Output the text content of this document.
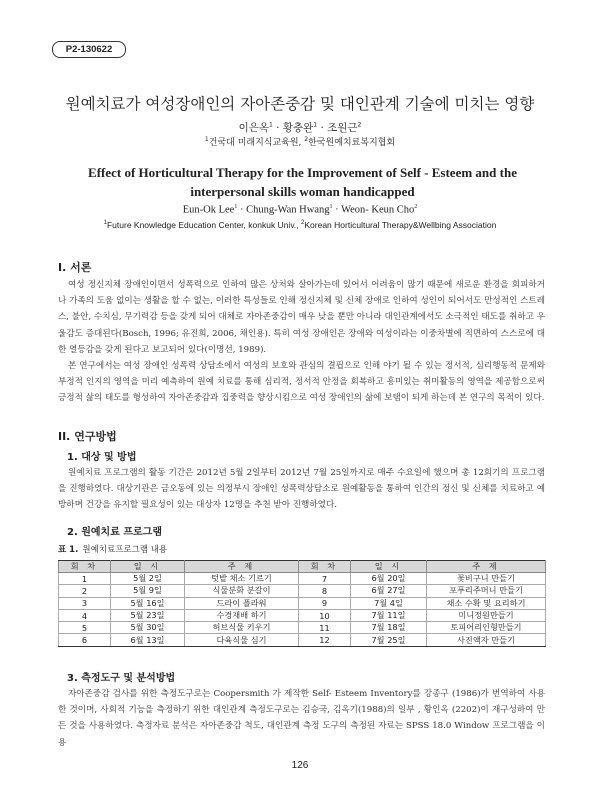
P2-130622
원예치료가 여성장애인의 자아존중감 및 대인관계 기술에 미치는 영향
이은옥$^1$ · 황충완$^1$ · 조원근$^2$
$^1$건국대 미래지식교육원, $^2$한국원예치료복지협회
Effect of Horticultural Therapy for the Improvement of Self - Esteem and the interpersonal skills woman handicapped
Eun-Ok Lee$^1$ · Chung-Wan Hwang$^1$ · Weon- Keun Cho$^2$
$^1$Future Knowledge Education Center, konkuk Univ., $^2$Korean Horticultural Therapy&Wellbing Association
I. 서론

여성 정신지체 장애인이면서 성폭력으로 인하여 많은 상처와 살아가는데 있어서 어려움이 많기 때문에 새로운 환경을 회피하거나 가족의 도움 없이는 생활을 할 수 없는, 이러한 특성들로 인해 정신지체 및 신체 장애로 인하여 성인이 되어서도 만성적인 스트레스, 불안, 수치심, 무기력감 등을 갖게 되어 대체로 자아존중감이 매우 낮을 뿐만 아니라 대인관계에서도 소극적인 태도를 취하고 우울감도 증대된다(Bosch, 1996; 유진희, 2006, 채인용). 특히 여성 장애인은 장애와 여성이라는 이중차별에 직면하여 스스로에 대한 열등감을 갖게 된다고 보고되어 있다(이명선, 1989).

본 연구에서는 여성 장애인 성폭력 상담소에서 여성의 보호와 관심의 결핍으로 인해 야기 될 수 있는 정서적, 심리행동적 문제와 부정적 인지의 영역을 미리 예측하여 원예 치료를 통해 심리적, 정서적 안정을 회복하고 흥미있는 취미활동의 영역을 제공함으로써 긍정적 삶의 태도를 형성하여 자아존중감과 집중력을 향상시킴으로 여성 장애인의 삶에 보탬이 되게 하는데 본 연구의 목적이 있다.

II. 연구방법
1. 대상 및 방법

원예치료 프로그램의 활동 기간은 2012년 5월 2일부터 2012년 7월 25일까지로 매주 수요일에 했으며 총 12회기의 프로그램을 진행하였다. 대상기관은 금오동에 있는 의정부시 장애인 성폭력상담소로 원예활동을 통하여 인간의 정신 및 신체를 치료하고 예방하며 건강을 유지할 필요성이 있는 대상자 12명을 추천 받아 진행하였다.

2. 원예치료 프로그램
표 1. 원예치료프로그램 내용
회 차	일 시	주 제	회 차	일 시	주 제
1	5월 2일	텃밭 채소 기르기	7	6월 20일	꽃비구니 만들기
2	5월 9일	식물분화 분갈이	8	6월 27일	포푸리주머니 만들기
3	5월 16일	드라이 플라워	9	7월 4일	채소 수확 및 요리하기
4	5월 23일	수경재배 하기	10	7월 11일	미니정원만들기
5	5월 30일	허브식물 키우기	11	7월 18일	토피어리인형만들기
6	6월 13일	다육식물 심기	12	7월 25일	사진액자 만들기
3. 측정도구 및 분석방법

자아존중감 검사를 위한 측정도구로는 Coopersmith 가 제작한 Self- Esteem Inventory를 강종구 (1986)가 번역하여 사용한 것이며, 사회적 기능을 측정하기 위한 대인관계 측정도구로는 김승국, 김옥기(1988)의 일부 , 황인옥 (2202)이 재구성하여 만든 것을 사용하였다. 측정자료 분석은 자아존중감 척도, 대인관계 측정 도구의 측정된 자료는 SPSS 18.0 Window 프로그램을 이용

126
